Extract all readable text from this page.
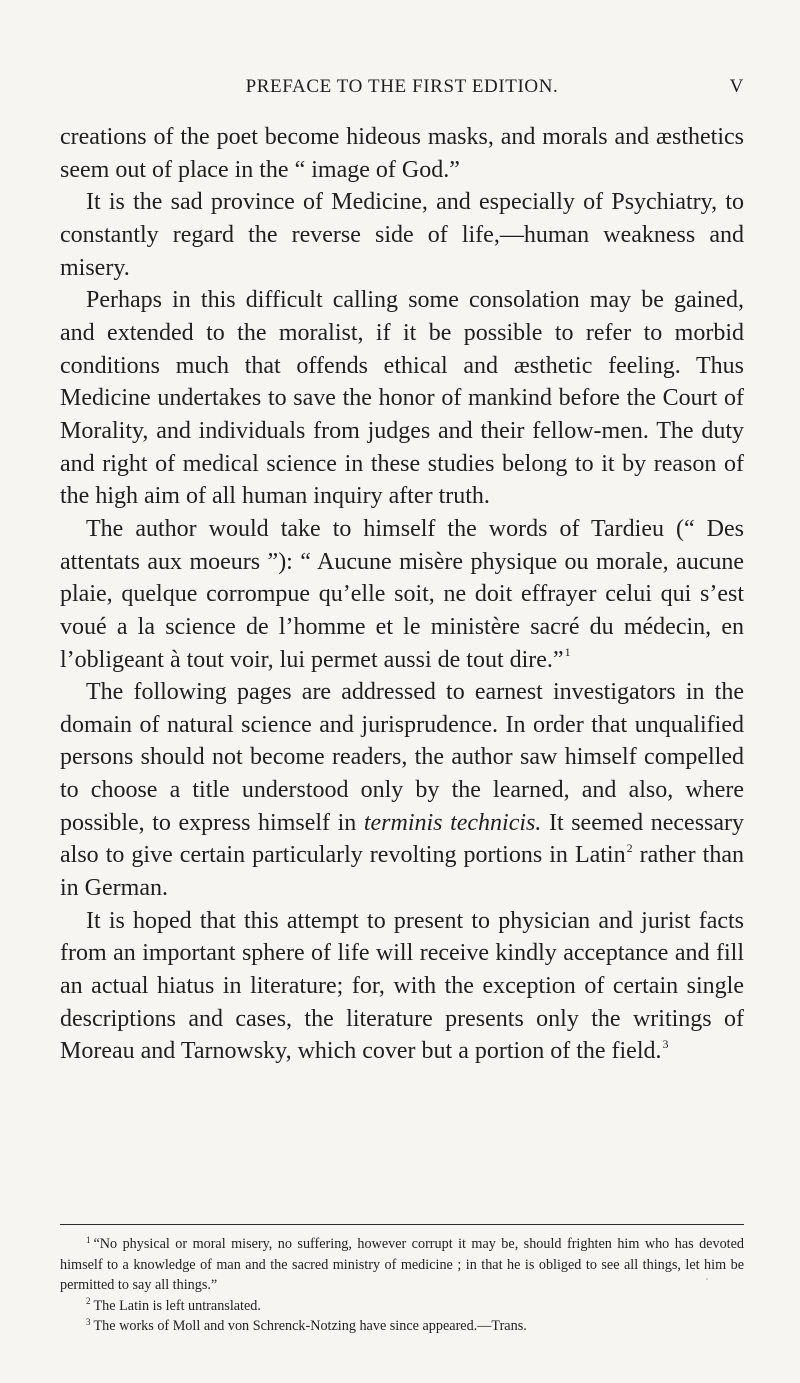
PREFACE TO THE FIRST EDITION.	V

creations of the poet become hideous masks, and morals and æsthetics seem out of place in the “ image of God.”

It is the sad province of Medicine, and especially of Psychiatry, to constantly regard the reverse side of life,—human weakness and misery.

Perhaps in this difficult calling some consolation may be gained, and extended to the moralist, if it be possible to refer to morbid conditions much that offends ethical and æsthetic feeling. Thus Medicine undertakes to save the honor of mankind before the Court of Morality, and individuals from judges and their fellow-men. The duty and right of medical science in these studies belong to it by reason of the high aim of all human inquiry after truth.

The author would take to himself the words of Tardieu (“ Des attentats aux moeurs ”): “ Aucune misère physique ou morale, aucune plaie, quelque corrompue qu’elle soit, ne doit effrayer celui qui s’est voué a la science de l’homme et le ministère sacré du médecin, en l’obligeant à tout voir, lui permet aussi de tout dire.”$^1$

The following pages are addressed to earnest investigators in the domain of natural science and jurisprudence. In order that unqualified persons should not become readers, the author saw himself compelled to choose a title understood only by the learned, and also, where possible, to express himself in terminis technicis. It seemed necessary also to give certain particularly revolting portions in Latin$^2$ rather than in German.

It is hoped that this attempt to present to physician and jurist facts from an important sphere of life will receive kindly acceptance and fill an actual hiatus in literature; for, with the exception of certain single descriptions and cases, the literature presents only the writings of Moreau and Tarnowsky, which cover but a portion of the field.$^3$

$^1$ “No physical or moral misery, no suffering, however corrupt it may be, should frighten him who has devoted himself to a knowledge of man and the sacred ministry of medicine ; in that he is obliged to see all things, let him be permitted to say all things.”

$^2$ The Latin is left untranslated.

$^3$ The works of Moll and von Schrenck-Notzing have since appeared.—Trans.
